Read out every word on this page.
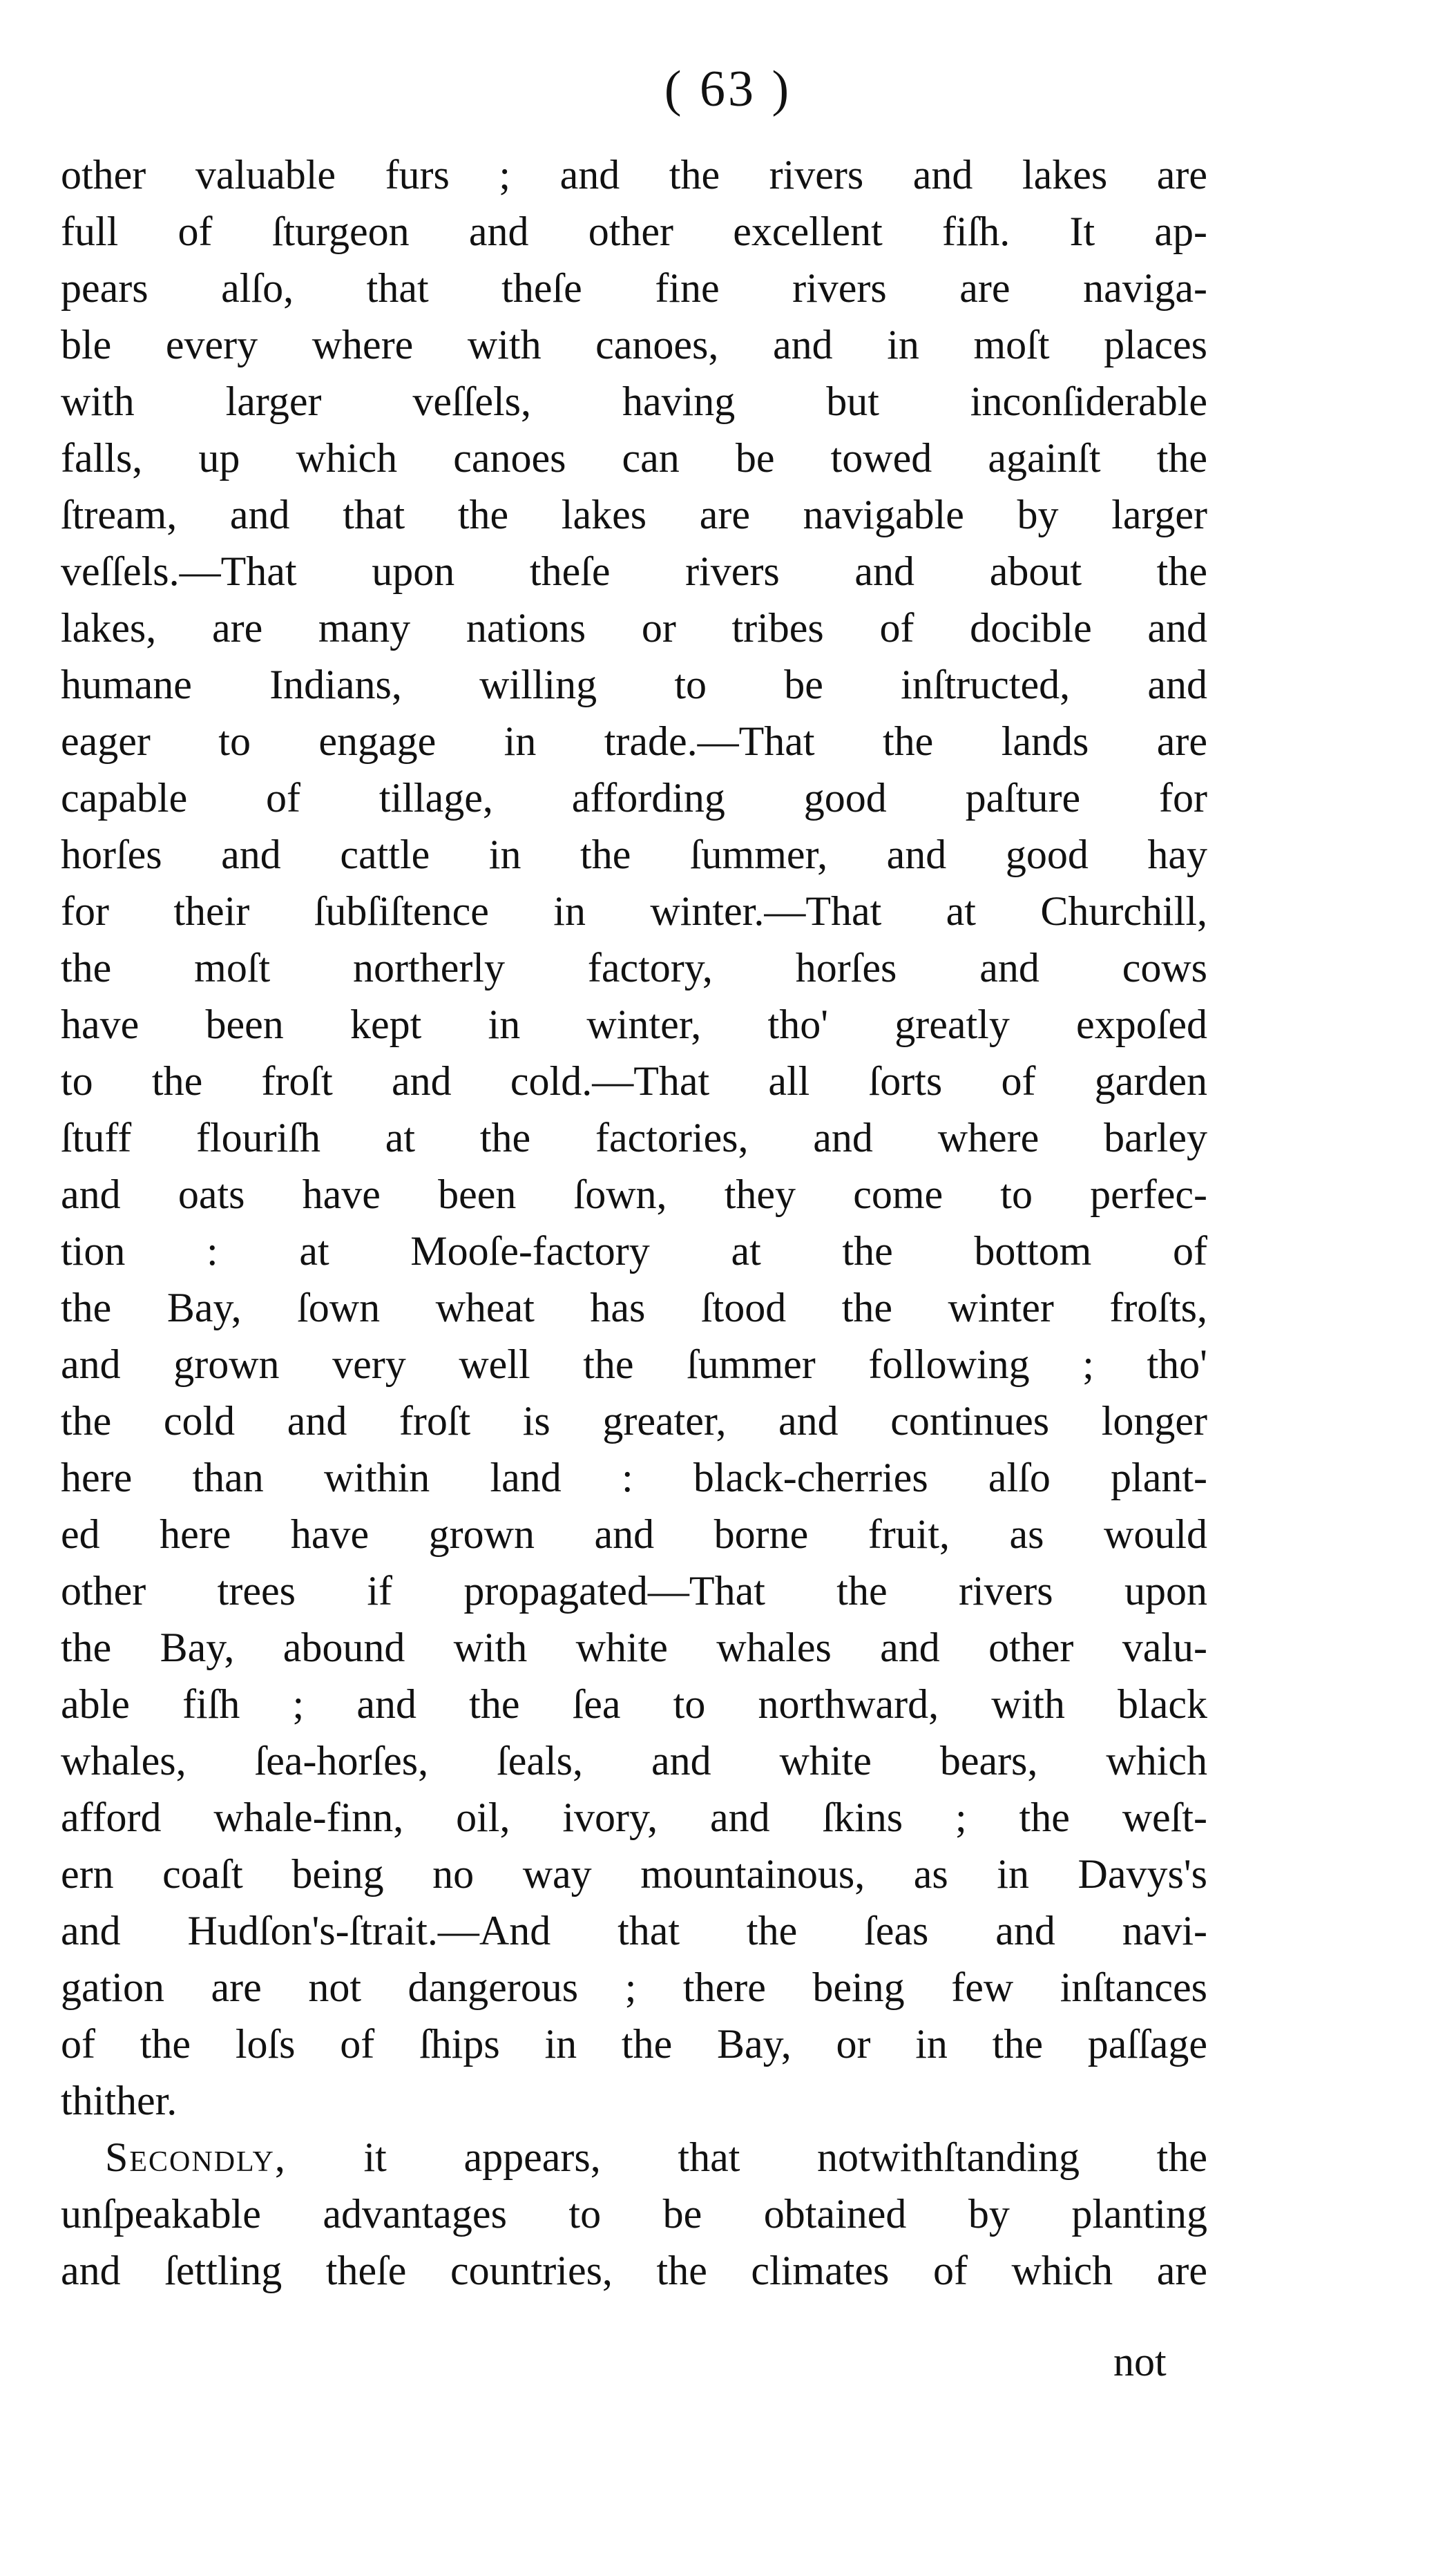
( 63 )
other valuable furs ; and the rivers and lakes are
full of ſturgeon and other excellent fiſh. It ap-
pears alſo, that theſe fine rivers are naviga-
ble every where with canoes, and in moſt places
with larger veſſels, having but inconſiderable
falls, up which canoes can be towed againſt the
ſtream, and that the lakes are navigable by larger
veſſels.—That upon theſe rivers and about the
lakes, are many nations or tribes of docible and
humane Indians, willing to be inſtructed, and
eager to engage in trade.—That the lands are
capable of tillage, affording good paſture for
horſes and cattle in the ſummer, and good hay
for their ſubſiſtence in winter.—That at Churchill,
the moſt northerly factory, horſes and cows
have been kept in winter, tho' greatly expoſed
to the froſt and cold.—That all ſorts of garden
ſtuff flouriſh at the factories, and where barley
and oats have been ſown, they come to perfec-
tion : at Mooſe-factory at the bottom of
the Bay, ſown wheat has ſtood the winter froſts,
and grown very well the ſummer following ; tho'
the cold and froſt is greater, and continues longer
here than within land : black-cherries alſo plant-
ed here have grown and borne fruit, as would
other trees if propagated—That the rivers upon
the Bay, abound with white whales and other valu-
able fiſh ; and the ſea to northward, with black
whales, ſea-horſes, ſeals, and white bears, which
afford whale-finn, oil, ivory, and ſkins ; the weſt-
ern coaſt being no way mountainous, as in Davys's
and Hudſon's-ſtrait.—And that the ſeas and navi-
gation are not dangerous ; there being few inſtances
of the loſs of ſhips in the Bay, or in the paſſage
thither.
Secondly, it appears, that notwithſtanding the
unſpeakable advantages to be obtained by planting
and ſettling theſe countries, the climates of which are
not
